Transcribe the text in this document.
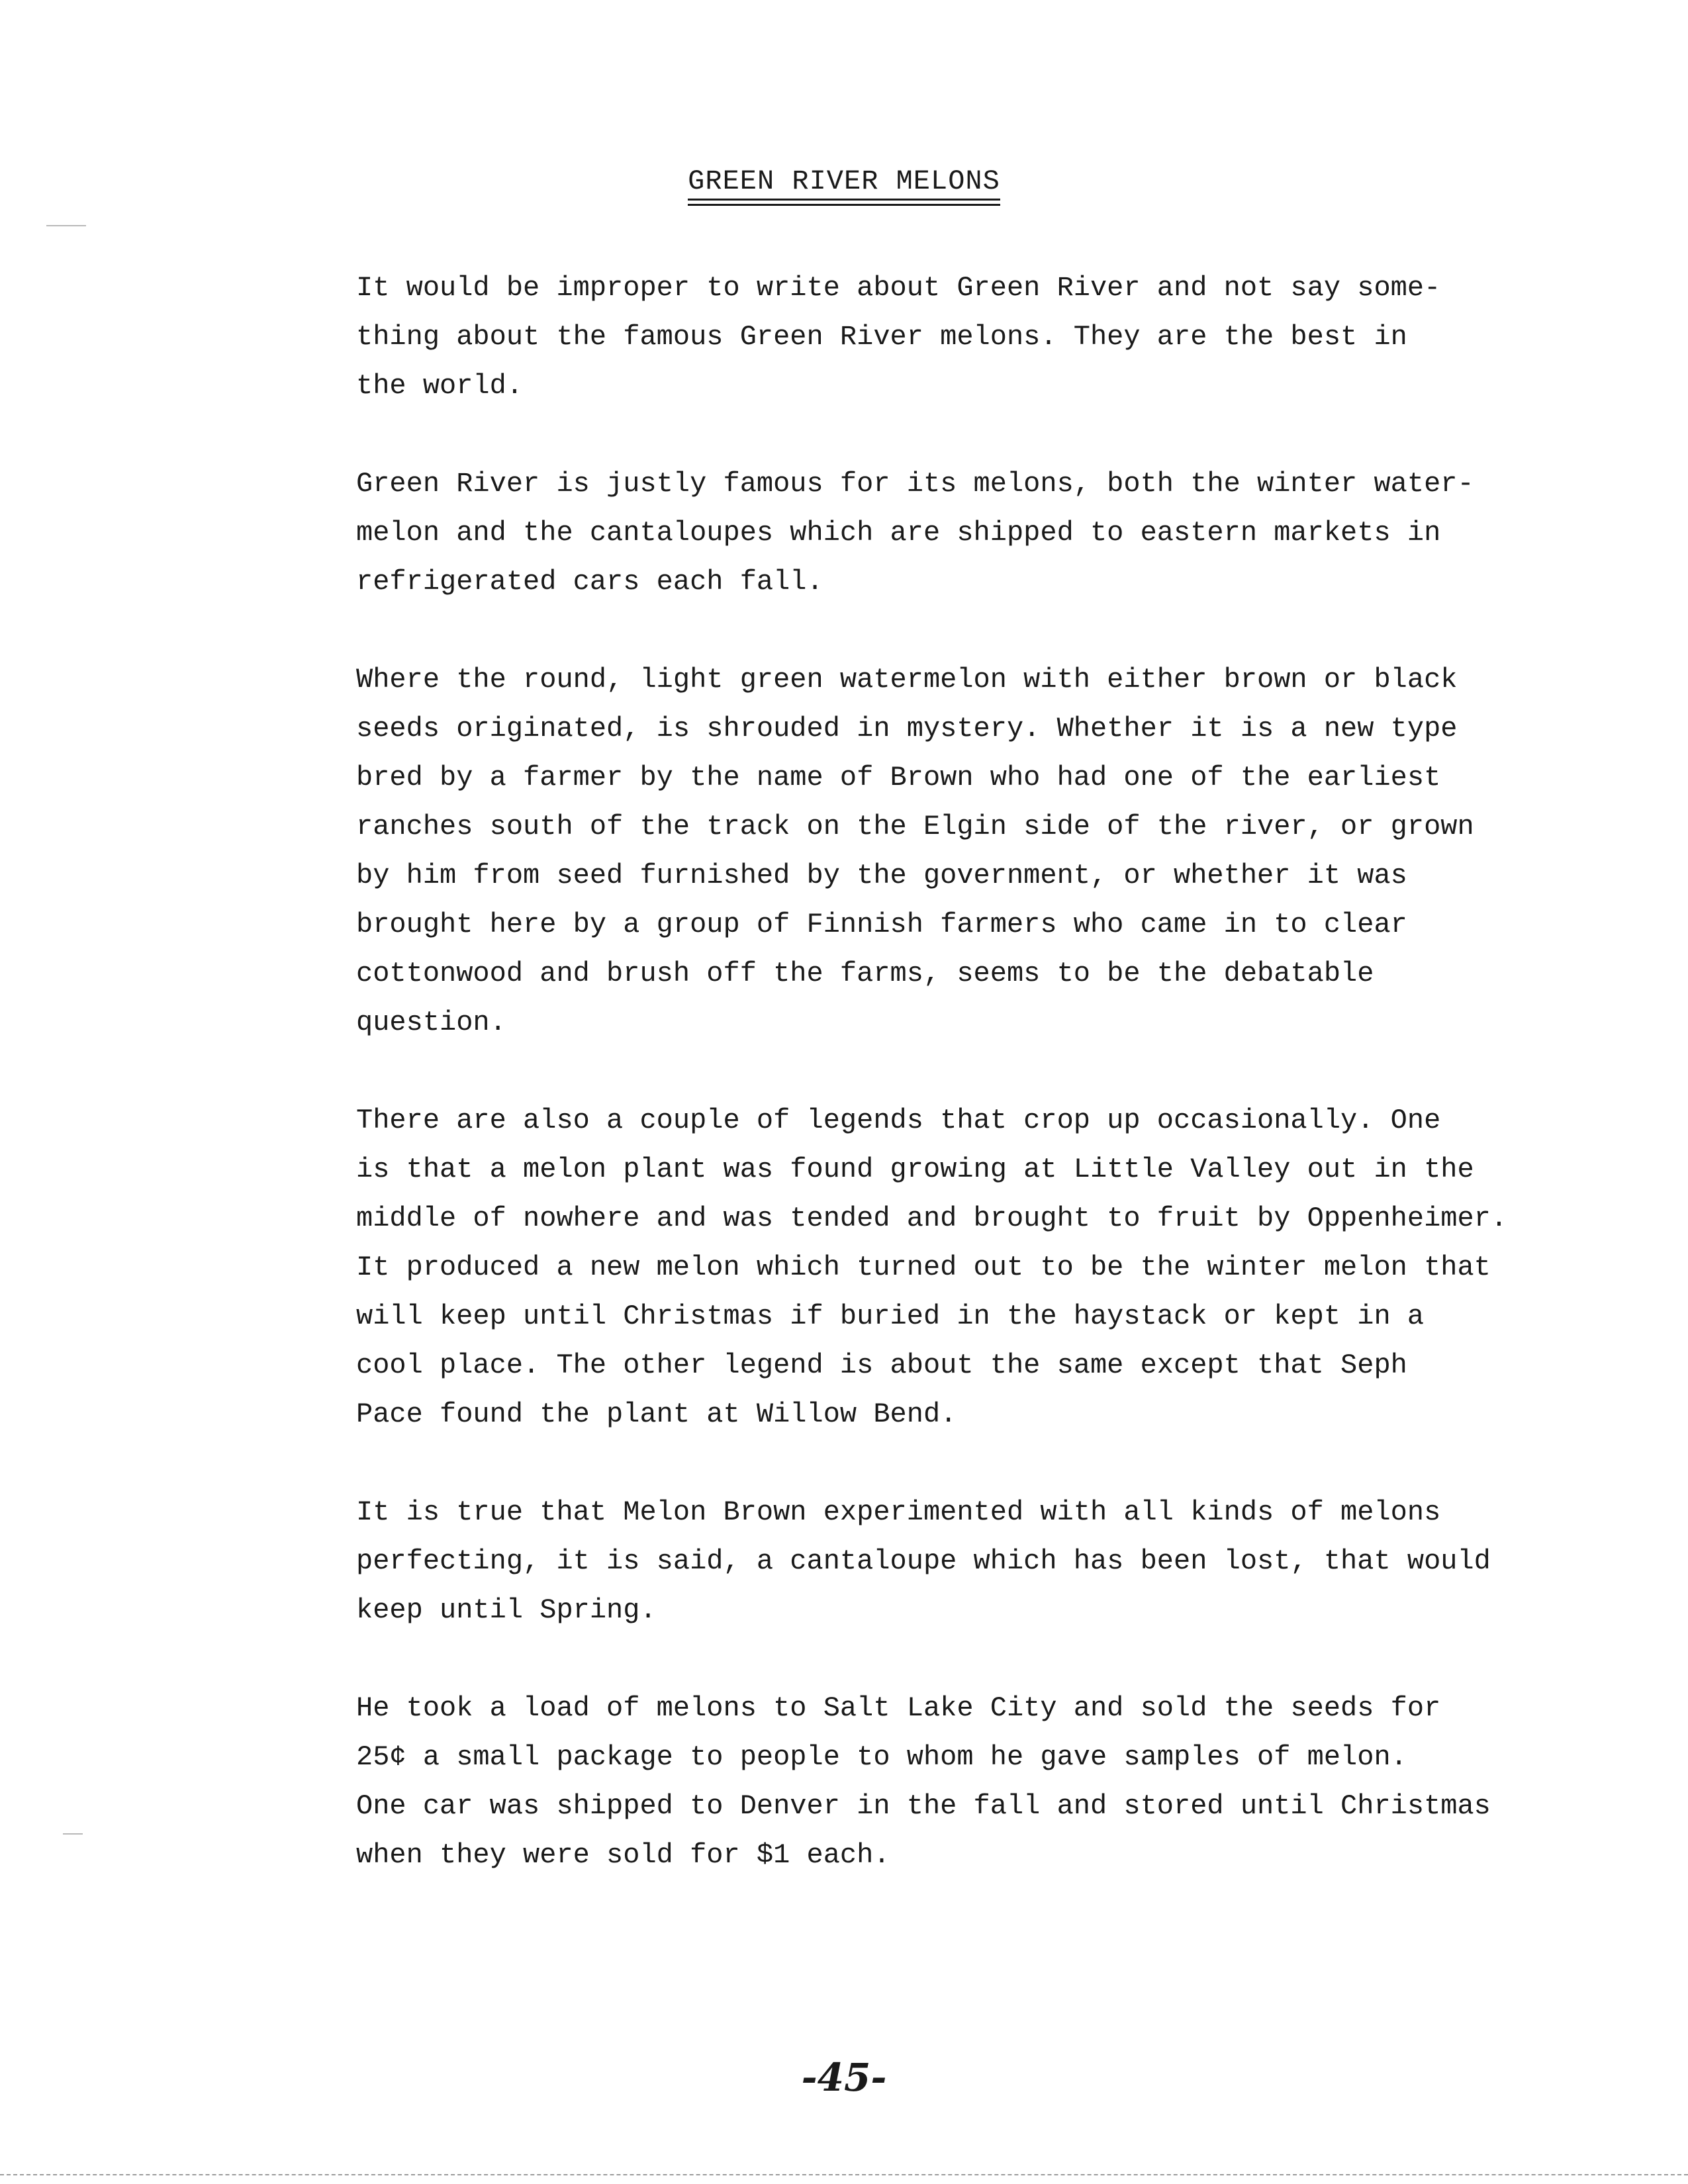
GREEN RIVER MELONS

It would be improper to write about Green River and not say some-
thing about the famous Green River melons. They are the best in
the world.

Green River is justly famous for its melons, both the winter water-
melon and the cantaloupes which are shipped to eastern markets in
refrigerated cars each fall.

Where the round, light green watermelon with either brown or black
seeds originated, is shrouded in mystery. Whether it is a new type
bred by a farmer by the name of Brown who had one of the earliest
ranches south of the track on the Elgin side of the river, or grown
by him from seed furnished by the government, or whether it was
brought here by a group of Finnish farmers who came in to clear
cottonwood and brush off the farms, seems to be the debatable
question.

There are also a couple of legends that crop up occasionally. One
is that a melon plant was found growing at Little Valley out in the
middle of nowhere and was tended and brought to fruit by Oppenheimer.
It produced a new melon which turned out to be the winter melon that
will keep until Christmas if buried in the haystack or kept in a
cool place. The other legend is about the same except that Seph
Pace found the plant at Willow Bend.

It is true that Melon Brown experimented with all kinds of melons
perfecting, it is said, a cantaloupe which has been lost, that would
keep until Spring.

He took a load of melons to Salt Lake City and sold the seeds for
25¢ a small package to people to whom he gave samples of melon.
One car was shipped to Denver in the fall and stored until Christmas
when they were sold for $1 each.

-45-
